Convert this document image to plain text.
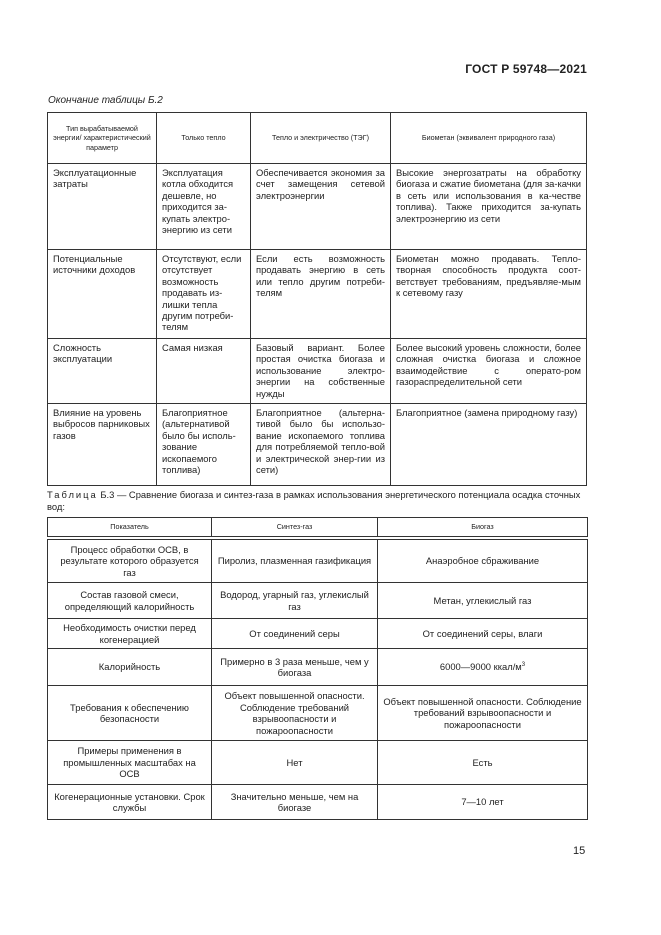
ГОСТ Р 59748—2021
Окончание таблицы Б.2
Тип вырабатываемой энергии/ характеристический параметр	Только тепло	Тепло и электричество (ТЭГ)	Биометан (эквивалент природного газа)
Эксплуатационные затраты	Эксплуатация котла обходится дешевле, но приходится за-купать электро-энергию из сети	Обеспечивается экономия за счет замещения сетевой электроэнергии	Высокие энергозатраты на обработку биогаза и сжатие биометана (для за-качки в сеть или использования в ка-честве топлива). Также приходится за-купать электроэнергию из сети
Потенциальные источники доходов	Отсутствуют, если отсутствует возможность продавать из-лишки тепла другим потреби-телям	Если есть возможность продавать энергию в сеть или тепло другим потреби-телям	Биометан можно продавать. Тепло-творная способность продукта соот-ветствует требованиям, предъявляе-мым к сетевому газу
Сложность эксплуатации	Самая низкая	Базовый вариант. Более простая очистка биогаза и использование электро-энергии на собственные нужды	Более высокий уровень сложности, более сложная очистка биогаза и сложное взаимодействие с операто-ром газораспределительной сети
Влияние на уровень выбросов парниковых газов	Благоприятное (альтернативой было бы исполь-зование ископаемого топлива)	Благоприятное (альтерна-тивой было бы использо-вание ископаемого топлива для потребляемой тепло-вой и электрической энер-гии из сети)	Благоприятное (замена природному газу)
Таблица Б.3 — Сравнение биогаза и синтез-газа в рамках использования энергетического потенциала осадка сточных вод:
Показатель	Синтез-газ	Биогаз

Процесс обработки ОСВ, в результате которого образуется газ	Пиролиз, плазменная газификация	Анаэробное сбраживание
Состав газовой смеси, определяющий калорийность	Водород, угарный газ, углекислый газ	Метан, углекислый газ
Необходимость очистки перед когенерацией	От соединений серы	От соединений серы, влаги
Калорийность	Примерно в 3 раза меньше, чем у биогаза	6000—9000 ккал/$м^3$
Требования к обеспечению безопасности	Объект повышенной опасности. Соблюдение требований взрывоопасности и пожароопасности	Объект повышенной опасности. Соблюдение требований взрывоопасности и пожароопасности
Примеры применения в промышленных масштабах на ОСВ	Нет	Есть
Когенерационные установки. Срок службы	Значительно меньше, чем на биогазе	7—10 лет
15
